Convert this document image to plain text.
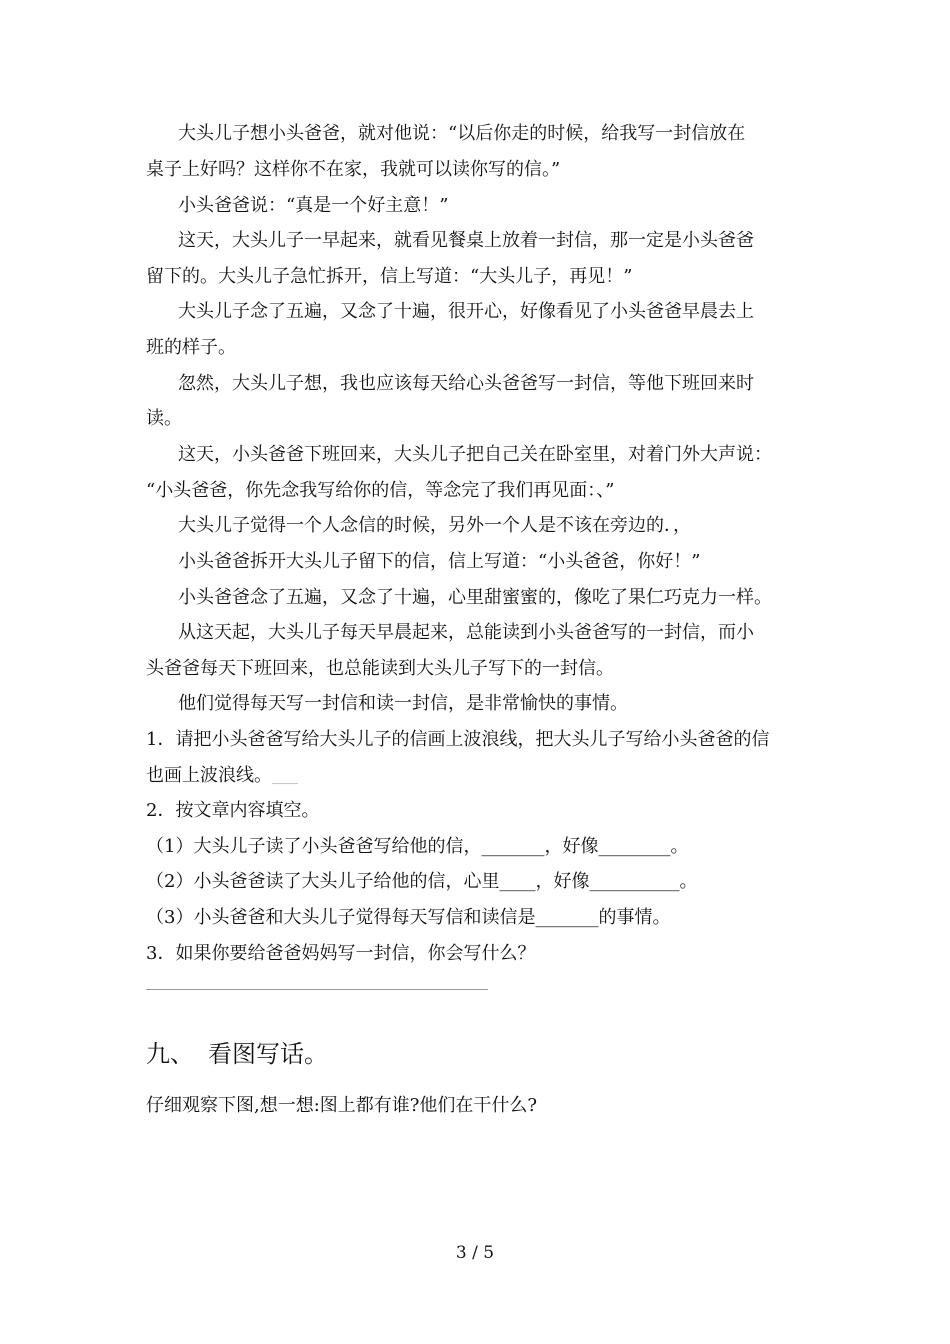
大头儿子想小头爸爸，就对他说：“以后你走的时候，给我写一封信放在
桌子上好吗？这样你不在家，我就可以读你写的信。”
小头爸爸说：“真是一个好主意！”
这天，大头儿子一早起来，就看见餐桌上放着一封信，那一定是小头爸爸
留下的。大头儿子急忙拆开，信上写道：“大头儿子，再见！”
大头儿子念了五遍，又念了十遍，很开心，好像看见了小头爸爸早晨去上
班的样子。
忽然，大头儿子想，我也应该每天给心头爸爸写一封信，等他下班回来时
读。
这天，小头爸爸下班回来，大头儿子把自己关在卧室里，对着门外大声说：
“小头爸爸，你先念我写给你的信，等念完了我们再见面：、”
大头儿子觉得一个人念信的时候，另外一个人是不该在旁边的．，
小头爸爸拆开大头儿子留下的信，信上写道：“小头爸爸，你好！”
小头爸爸念了五遍，又念了十遍，心里甜蜜蜜的，像吃了果仁巧克力一样。
从这天起，大头儿子每天早晨起来，总能读到小头爸爸写的一封信，而小
头爸爸每天下班回来，也总能读到大头儿子写下的一封信。
他们觉得每天写一封信和读一封信，是非常愉快的事情。
1．请把小头爸爸写给大头儿子的信画上波浪线，把大头儿子写给小头爸爸的信
也画上波浪线。____
2．按文章内容填空。
（1）大头儿子读了小头爸爸写给他的信，_______，好像________。
（2）小头爸爸读了大头儿子给他的信，心里____，好像__________。
（3）小头爸爸和大头儿子觉得每天写信和读信是_______的事情。
3．如果你要给爸爸妈妈写一封信，你会写什么？
九、 看图写话。
仔细观察下图,想一想:图上都有谁?他们在干什么?
3 / 5
